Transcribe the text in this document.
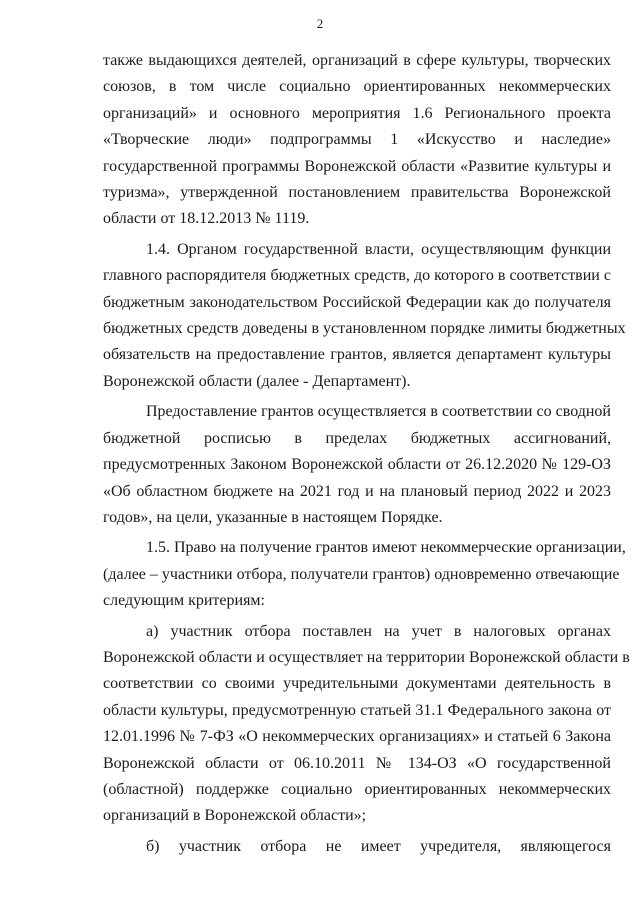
2

также выдающихся деятелей, организаций в сфере культуры, творческих
союзов, в том числе социально ориентированных некоммерческих
организаций» и основного мероприятия 1.6 Регионального проекта
«Творческие люди» подпрограммы 1 «Искусство и наследие»
государственной программы Воронежской области «Развитие культуры и
туризма», утвержденной постановлением правительства Воронежской
области от 18.12.2013 № 1119.

1.4. Органом государственной власти, осуществляющим функции
главного распорядителя бюджетных средств, до которого в соответствии с
бюджетным законодательством Российской Федерации как до получателя
бюджетных средств доведены в установленном порядке лимиты бюджетных
обязательств на предоставление грантов, является департамент культуры
Воронежской области (далее - Департамент).

Предоставление грантов осуществляется в соответствии со сводной
бюджетной росписью в пределах бюджетных ассигнований,
предусмотренных Законом Воронежской области от 26.12.2020 № 129-ОЗ
«Об областном бюджете на 2021 год и на плановый период 2022 и 2023
годов», на цели, указанные в настоящем Порядке.

1.5. Право на получение грантов имеют некоммерческие организации,
(далее – участники отбора, получатели грантов) одновременно отвечающие
следующим критериям:

а) участник отбора поставлен на учет в налоговых органах
Воронежской области и осуществляет на территории Воронежской области в
соответствии со своими учредительными документами деятельность в
области культуры, предусмотренную статьей 31.1 Федерального закона от
12.01.1996 № 7-ФЗ «О некоммерческих организациях» и статьей 6 Закона
Воронежской области от 06.10.2011 № 134-ОЗ «О государственной
(областной) поддержке социально ориентированных некоммерческих
организаций в Воронежской области»;

б) участник отбора не имеет учредителя, являющегося
